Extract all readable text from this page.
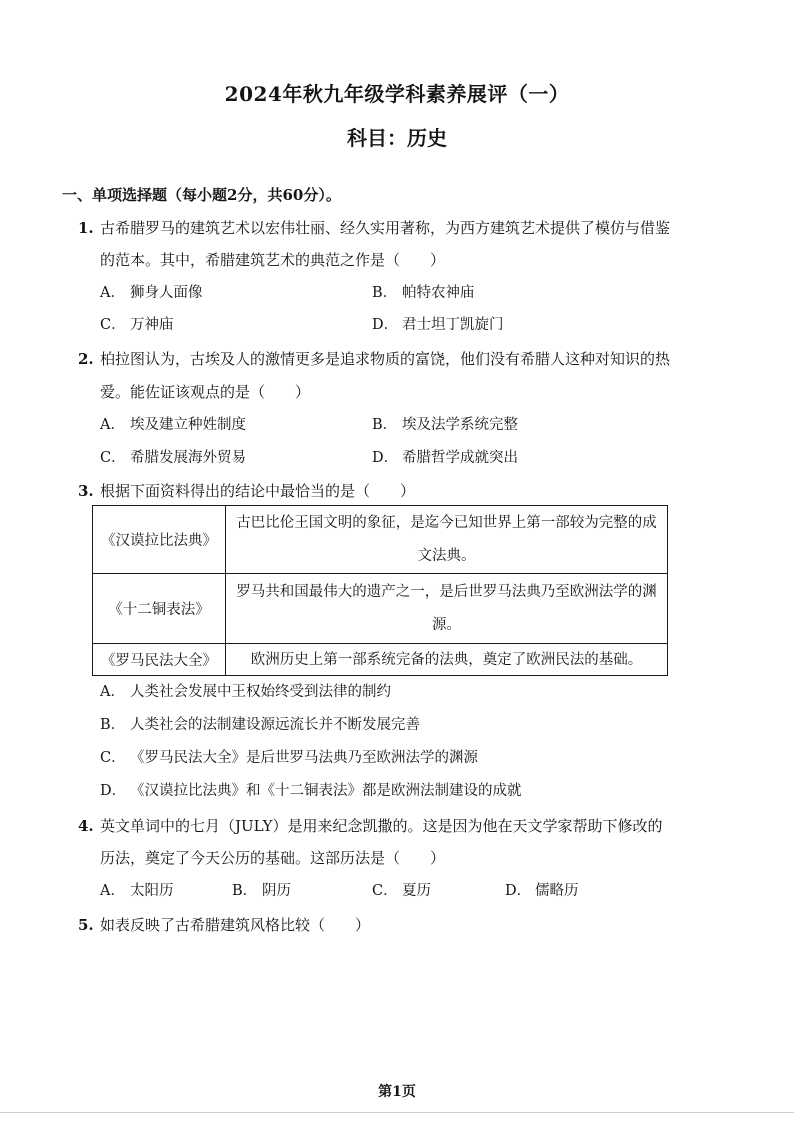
2024年秋九年级学科素养展评（一）
科目：历史
一、单项选择题（每小题2分，共60分）。
1. 古希腊罗马的建筑艺术以宏伟壮丽、经久实用著称，为西方建筑艺术提供了模仿与借鉴
的范本。其中，希腊建筑艺术的典范之作是（　　）
A． 狮身人面像	B． 帕特农神庙
C． 万神庙	D． 君士坦丁凯旋门
2. 柏拉图认为，古埃及人的激情更多是追求物质的富饶，他们没有希腊人这种对知识的热
爱。能佐证该观点的是（　　）
A． 埃及建立种姓制度	B． 埃及法学系统完整
C． 希腊发展海外贸易	D． 希腊哲学成就突出
3. 根据下面资料得出的结论中最恰当的是（　　）
《汉谟拉比法典》	古巴比伦王国文明的象征，是迄今已知世界上第一部较为完整的成
文法典。

《十二铜表法》	罗马共和国最伟大的遗产之一，是后世罗马法典乃至欧洲法学的渊
源。

《罗马民法大全》	欧洲历史上第一部系统完备的法典，奠定了欧洲民法的基础。
A． 人类社会发展中王权始终受到法律的制约
B． 人类社会的法制建设源远流长并不断发展完善
C． 《罗马民法大全》是后世罗马法典乃至欧洲法学的渊源
D． 《汉谟拉比法典》和《十二铜表法》都是欧洲法制建设的成就
4. 英文单词中的七月（JULY）是用来纪念凯撒的。这是因为他在天文学家帮助下修改的
历法，奠定了今天公历的基础。这部历法是（　　）
A． 太阳历	B． 阴历	C． 夏历	D． 儒略历
5. 如表反映了古希腊建筑风格比较（　　）
第1页
